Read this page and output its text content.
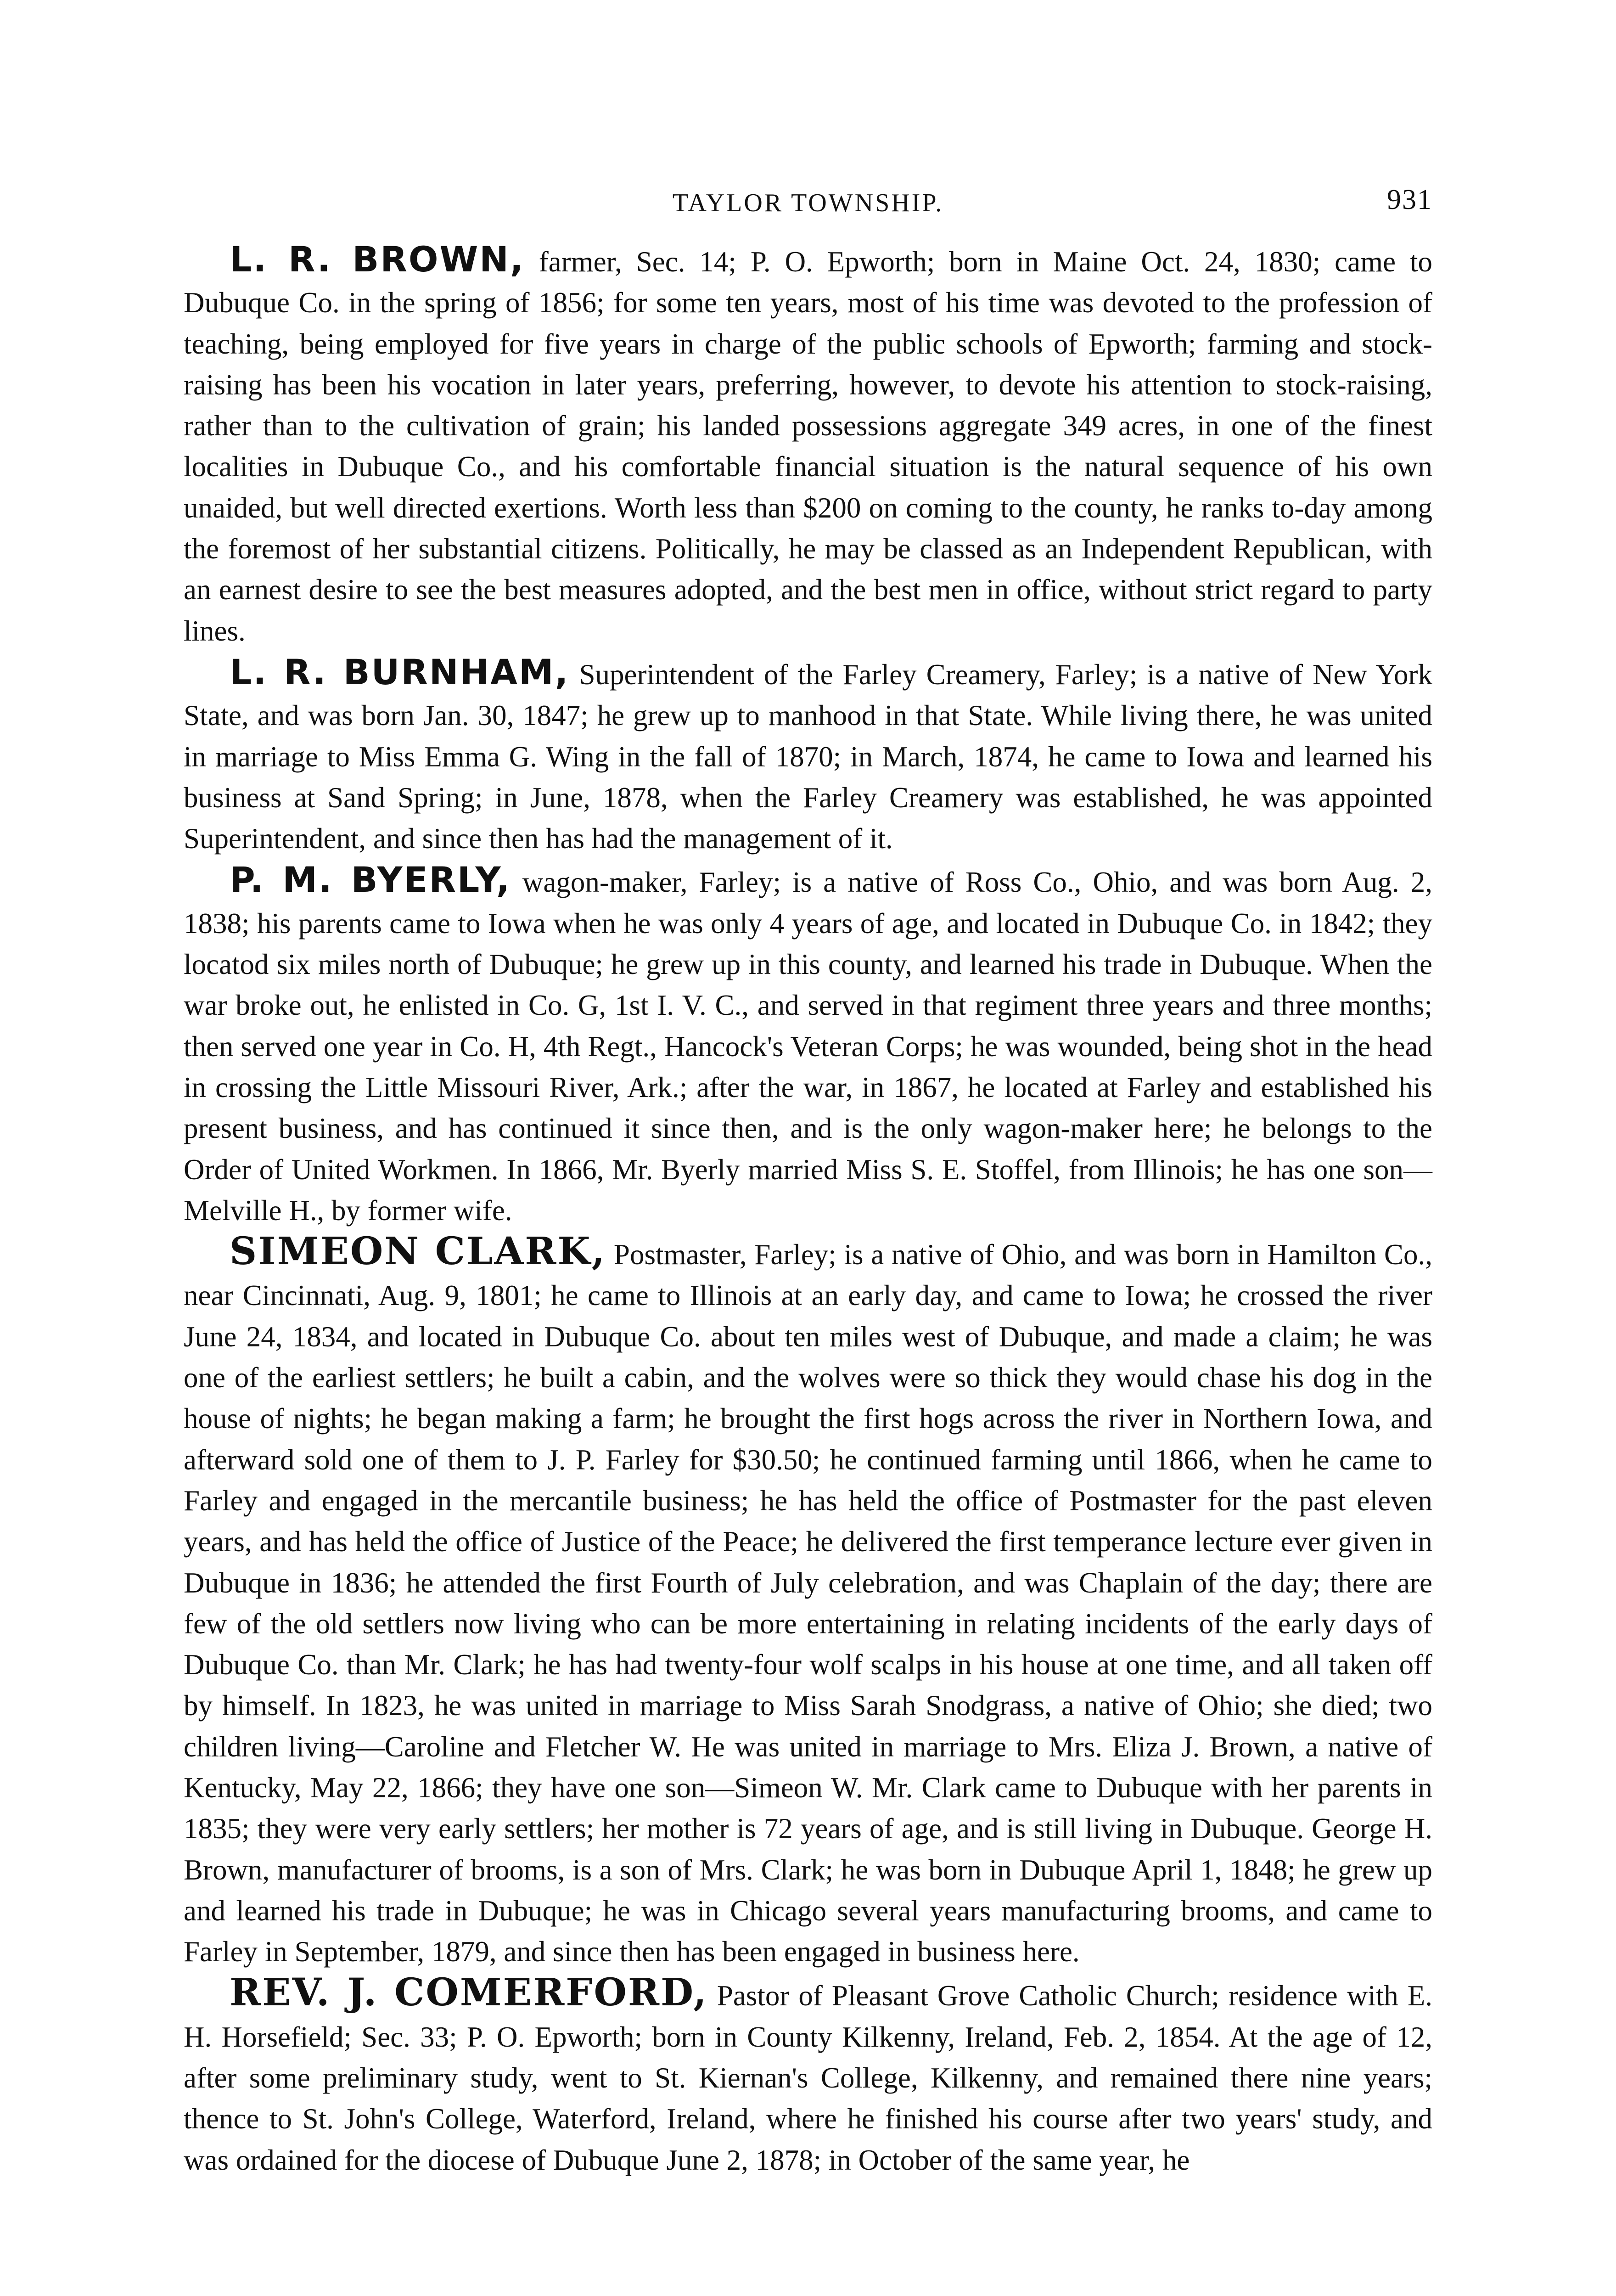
TAYLOR TOWNSHIP.	931

L. R. BROWN, farmer, Sec. 14; P. O. Epworth; born in Maine Oct. 24, 1830; came to Dubuque Co. in the spring of 1856; for some ten years, most of his time was devoted to the profession of teaching, being employed for five years in charge of the public schools of Epworth; farming and stock-raising has been his vocation in later years, preferring, however, to devote his attention to stock-raising, rather than to the cultivation of grain; his landed possessions aggregate 349 acres, in one of the finest localities in Dubuque Co., and his comfortable financial situation is the natural sequence of his own unaided, but well directed exertions. Worth less than $200 on coming to the county, he ranks to-day among the foremost of her substantial citizens. Politically, he may be classed as an Independent Republican, with an earnest desire to see the best measures adopted, and the best men in office, without strict regard to party lines.

L. R. BURNHAM, Superintendent of the Farley Creamery, Farley; is a native of New York State, and was born Jan. 30, 1847; he grew up to manhood in that State. While living there, he was united in marriage to Miss Emma G. Wing in the fall of 1870; in March, 1874, he came to Iowa and learned his business at Sand Spring; in June, 1878, when the Farley Creamery was established, he was appointed Superintendent, and since then has had the management of it.

P. M. BYERLY, wagon-maker, Farley; is a native of Ross Co., Ohio, and was born Aug. 2, 1838; his parents came to Iowa when he was only 4 years of age, and located in Dubuque Co. in 1842; they locatod six miles north of Dubuque; he grew up in this county, and learned his trade in Dubuque. When the war broke out, he enlisted in Co. G, 1st I. V. C., and served in that regiment three years and three months; then served one year in Co. H, 4th Regt., Hancock's Veteran Corps; he was wounded, being shot in the head in crossing the Little Missouri River, Ark.; after the war, in 1867, he located at Farley and established his present business, and has continued it since then, and is the only wagon-maker here; he belongs to the Order of United Workmen. In 1866, Mr. Byerly married Miss S. E. Stoffel, from Illinois; he has one son—Melville H., by former wife.

SIMEON CLARK, Postmaster, Farley; is a native of Ohio, and was born in Hamilton Co., near Cincinnati, Aug. 9, 1801; he came to Illinois at an early day, and came to Iowa; he crossed the river June 24, 1834, and located in Dubuque Co. about ten miles west of Dubuque, and made a claim; he was one of the earliest settlers; he built a cabin, and the wolves were so thick they would chase his dog in the house of nights; he began making a farm; he brought the first hogs across the river in Northern Iowa, and afterward sold one of them to J. P. Farley for $30.50; he continued farming until 1866, when he came to Farley and engaged in the mercantile business; he has held the office of Postmaster for the past eleven years, and has held the office of Justice of the Peace; he delivered the first temperance lecture ever given in Dubuque in 1836; he attended the first Fourth of July celebration, and was Chaplain of the day; there are few of the old settlers now living who can be more entertaining in relating incidents of the early days of Dubuque Co. than Mr. Clark; he has had twenty-four wolf scalps in his house at one time, and all taken off by himself. In 1823, he was united in marriage to Miss Sarah Snodgrass, a native of Ohio; she died; two children living—Caroline and Fletcher W. He was united in marriage to Mrs. Eliza J. Brown, a native of Kentucky, May 22, 1866; they have one son—Simeon W. Mr. Clark came to Dubuque with her parents in 1835; they were very early settlers; her mother is 72 years of age, and is still living in Dubuque. George H. Brown, manufacturer of brooms, is a son of Mrs. Clark; he was born in Dubuque April 1, 1848; he grew up and learned his trade in Dubuque; he was in Chicago several years manufacturing brooms, and came to Farley in September, 1879, and since then has been engaged in business here.

REV. J. COMERFORD, Pastor of Pleasant Grove Catholic Church; residence with E. H. Horsefield; Sec. 33; P. O. Epworth; born in County Kilkenny, Ireland, Feb. 2, 1854. At the age of 12, after some preliminary study, went to St. Kiernan's College, Kilkenny, and remained there nine years; thence to St. John's College, Waterford, Ireland, where he finished his course after two years' study, and was ordained for the diocese of Dubuque June 2, 1878; in October of the same year, he
